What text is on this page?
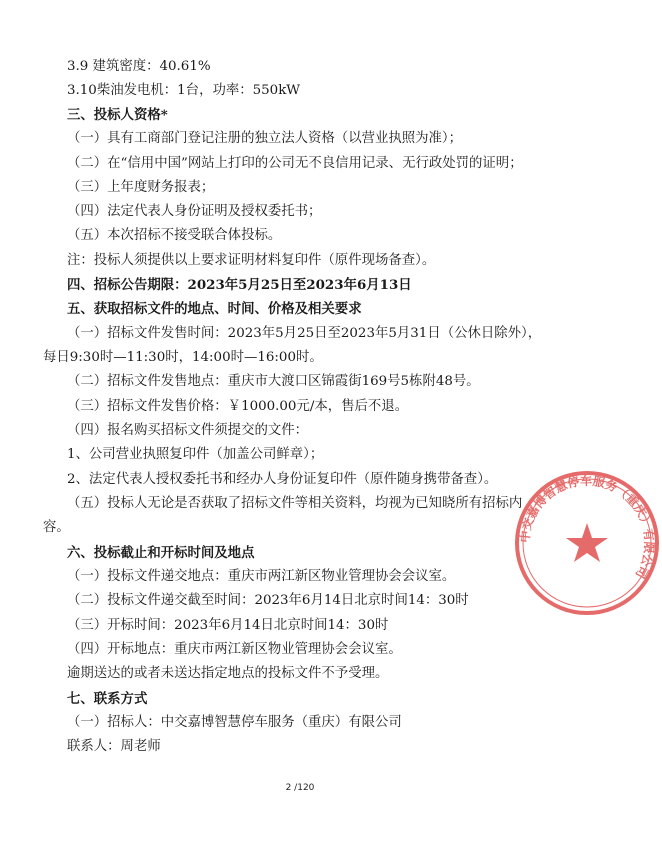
3.9 建筑密度：40.61%
3.10柴油发电机：1台，功率：550kW
三、投标人资格*
（一）具有工商部门登记注册的独立法人资格（以营业执照为准）；
（二）在“信用中国”网站上打印的公司无不良信用记录、无行政处罚的证明；
（三）上年度财务报表；
（四）法定代表人身份证明及授权委托书；
（五）本次招标不接受联合体投标。
注：投标人须提供以上要求证明材料复印件（原件现场备查）。
四、招标公告期限：2023年5月25日至2023年6月13日
五、获取招标文件的地点、时间、价格及相关要求
（一）招标文件发售时间：2023年5月25日至2023年5月31日（公休日除外），
每日9:30时—11:30时，14:00时—16:00时。
（二）招标文件发售地点：重庆市大渡口区锦霞街169号5栋附48号。
（三）招标文件发售价格：￥1000.00元/本，售后不退。
（四）报名购买招标文件须提交的文件：
1、公司营业执照复印件（加盖公司鲜章）；
2、法定代表人授权委托书和经办人身份证复印件（原件随身携带备查）。
（五）投标人无论是否获取了招标文件等相关资料，均视为已知晓所有招标内
容。
六、投标截止和开标时间及地点
（一）投标文件递交地点：重庆市两江新区物业管理协会会议室。
（二）投标文件递交截至时间：2023年6月14日北京时间14：30时
（三）开标时间：2023年6月14日北京时间14：30时
（四）开标地点：重庆市两江新区物业管理协会会议室。
逾期送达的或者未送达指定地点的投标文件不予受理。
七、联系方式
（一）招标人：中交嘉博智慧停车服务（重庆）有限公司
联系人：周老师
2 /120
中交嘉博智慧停车服务（重庆）有限公司
